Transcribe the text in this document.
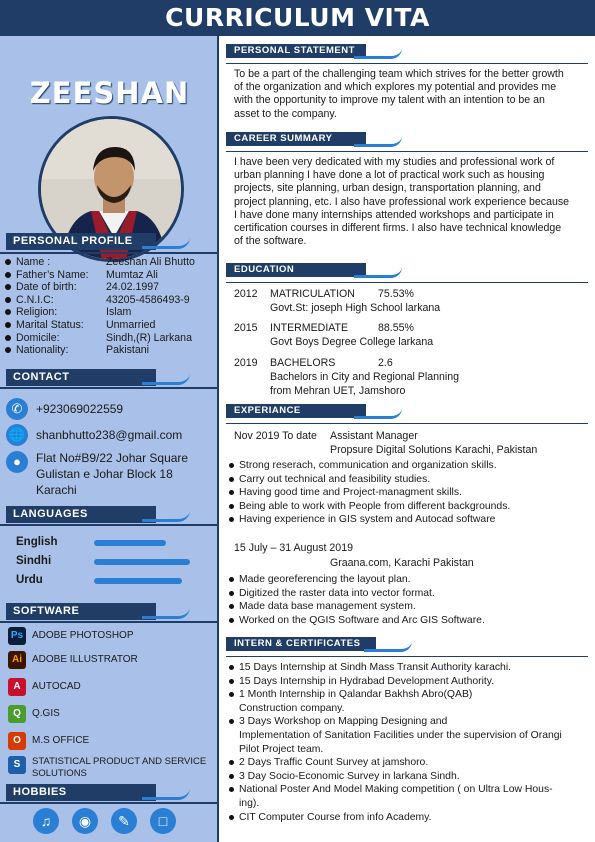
CURRICULUM VITA
ZEESHAN
PERSONAL PROFILE
CONTACT
LANGUAGES
SOFTWARE
HOBBIES
Name :	Zeeshan Ali Bhutto
Father’s Name: Mumtaz Ali
Date of birth:	24.02.1997
C.N.I.C:	43205-4586493-9
Religion:	Islam
Marital Status: Unmarried
Domicile:	Sindh,(R) Larkana
Nationality:	Pakistani
✆	+923069022559
🌐 shanbhutto238@gmail.com
●	Flat No#B9/22 Johar Square
Gulistan e Johar Block 18
Karachi
English
Sindhi
Urdu
Ps ADOBE PHOTOSHOP
Ai	ADOBE ILLUSTRATOR
A	AUTOCAD
Q	Q.GIS
O	M.S OFFICE
S	STATISTICAL PRODUCT AND SERVICE
SOLUTIONS
♫	◉	✎	□
PERSONAL STATEMENT
To be a part of the challenging team which strives for the better growth
of the organization and which explores my potential and provides me
with the opportunity to improve my talent with an intention to be an
asset to the company.
CAREER SUMMARY
I have been very dedicated with my studies and professional work of
urban planning I have done a lot of practical work such as housing
projects, site planning, urban design, transportation planning, and
project planning, etc. I also have professional work experience because
I have done many internships attended workshops and participate in
certification courses in different firms. I also have technical knowledge
of the software.
EDUCATION
2012 MATRICULATION 75.53%
Govt.St: joseph High School larkana
2015 INTERMEDIATE	88.55%
Govt Boys Degree College larkana
2019 BACHELORS	2.6
Bachelors in City and Regional Planning
from Mehran UET, Jamshoro
EXPERIANCE
Nov 2019 To date Assistant Manager
Propsure Digital Solutions Karachi, Pakistan
Strong reserach, communication and organization skills.
Carry out technical and feasibility studies.
Having good time and Project-managment skills.
Being able to work with People from different backgrounds.
Having experience in GIS system and Autocad software
15 July – 31 August 2019
Graana.com, Karachi Pakistan
Made georeferencing the layout plan.
Digitized the raster data into vector format.
Made data base management system.
Worked on the QGIS Software and Arc GIS Software.
INTERN & CERTIFICATES
15 Days Internship at Sindh Mass Transit Authority karachi.
15 Days Internship in Hydrabad Development Authority.
1 Month Internship in Qalandar Bakhsh Abro(QAB)
Construction company.
3 Days Workshop on Mapping Designing and
Implementation of Sanitation Facilities under the supervision of Orangi
Pilot Project team.
2 Days Traffic Count Survey at jamshoro.
3 Day Socio-Economic Survey in larkana Sindh.
National Poster And Model Making competition ( on Ultra Low Hous-
ing).
CIT Computer Course from info Academy.
